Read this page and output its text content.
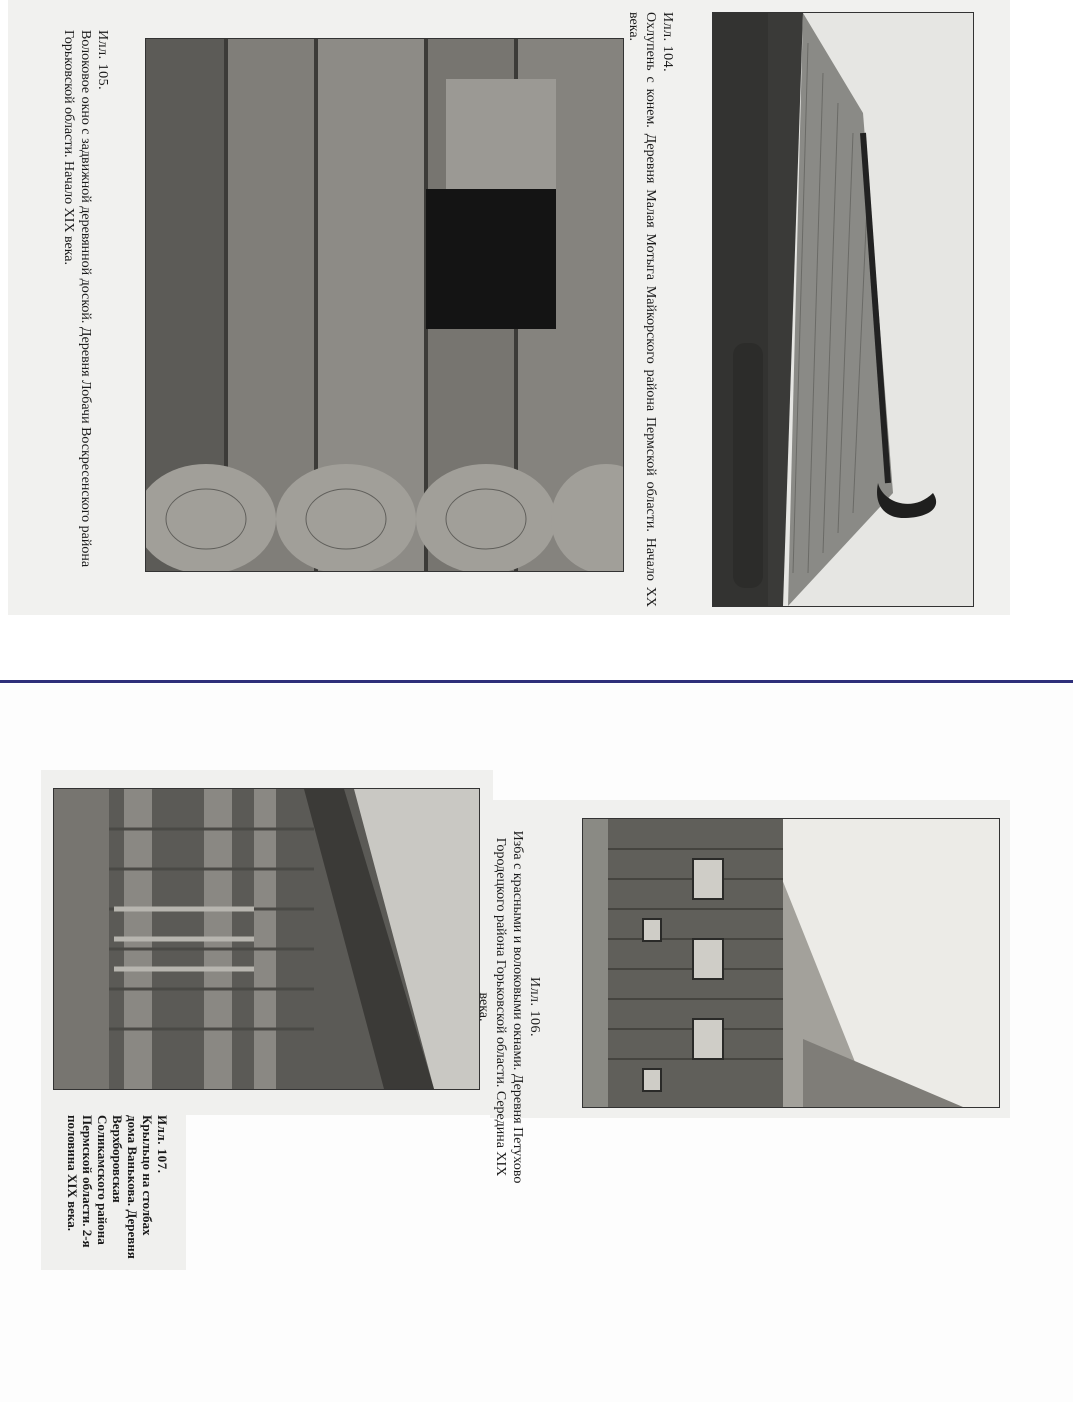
Илл. 104.
Охлупень с конем. Деревня Малая Мотыга Майкорского района Пермской области. Начало XX века.

Илл. 105.
Волоковое окно с задвижной деревянной доской. Деревня Лобачи Воскресенского района Горьковской области. Начало XIX века.

Илл. 106.
Изба с красными и волоковыми окнами. Деревня Петухово Городецкого района Горьковской области. Середина XIX века.

Илл. 107.
Крыльцо на столбах дома Ванькова. Деревня Верхборовская Соликамского района Пермской области. 2-я половина XIX века.
